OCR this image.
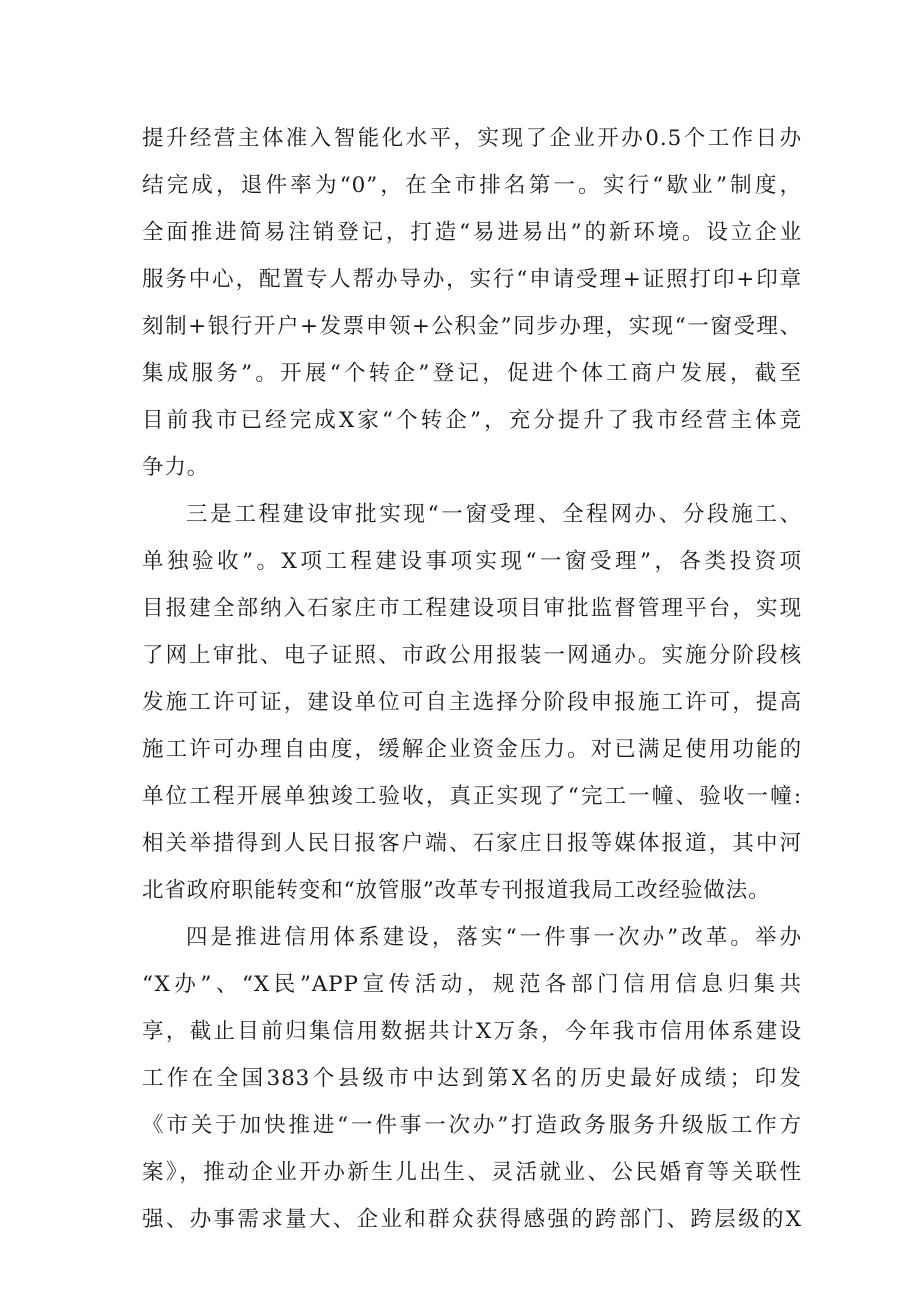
提升经营主体准入智能化水平，实现了企业开办0.5个工作日办
结完成，退件率为“0”，在全市排名第一。实行“歇业”制度，
全面推进简易注销登记，打造“易进易出”的新环境。设立企业
服务中心，配置专人帮办导办，实行“申请受理+证照打印+印章
刻制+银行开户+发票申领+公积金”同步办理，实现“一窗受理、
集成服务”。开展“个转企”登记，促进个体工商户发展，截至
目前我市已经完成X家“个转企”，充分提升了我市经营主体竞
争力。
三是工程建设审批实现“一窗受理、全程网办、分段施工、
单独验收”。X项工程建设事项实现“一窗受理”，各类投资项
目报建全部纳入石家庄市工程建设项目审批监督管理平台，实现
了网上审批、电子证照、市政公用报装一网通办。实施分阶段核
发施工许可证，建设单位可自主选择分阶段申报施工许可，提高
施工许可办理自由度，缓解企业资金压力。对已满足使用功能的
单位工程开展单独竣工验收，真正实现了“完工一幢、验收一幢:
相关举措得到人民日报客户端、石家庄日报等媒体报道，其中河
北省政府职能转变和“放管服”改革专刊报道我局工改经验做法。
四是推进信用体系建设，落实“一件事一次办”改革。举办
“X办”、“X民”APP宣传活动，规范各部门信用信息归集共
享，截止目前归集信用数据共计X万条，今年我市信用体系建设
工作在全国383个县级市中达到第X名的历史最好成绩；印发
《市关于加快推进“一件事一次办”打造政务服务升级版工作方
案》，推动企业开办新生儿出生、灵活就业、公民婚育等关联性
强、办事需求量大、企业和群众获得感强的跨部门、跨层级的X
